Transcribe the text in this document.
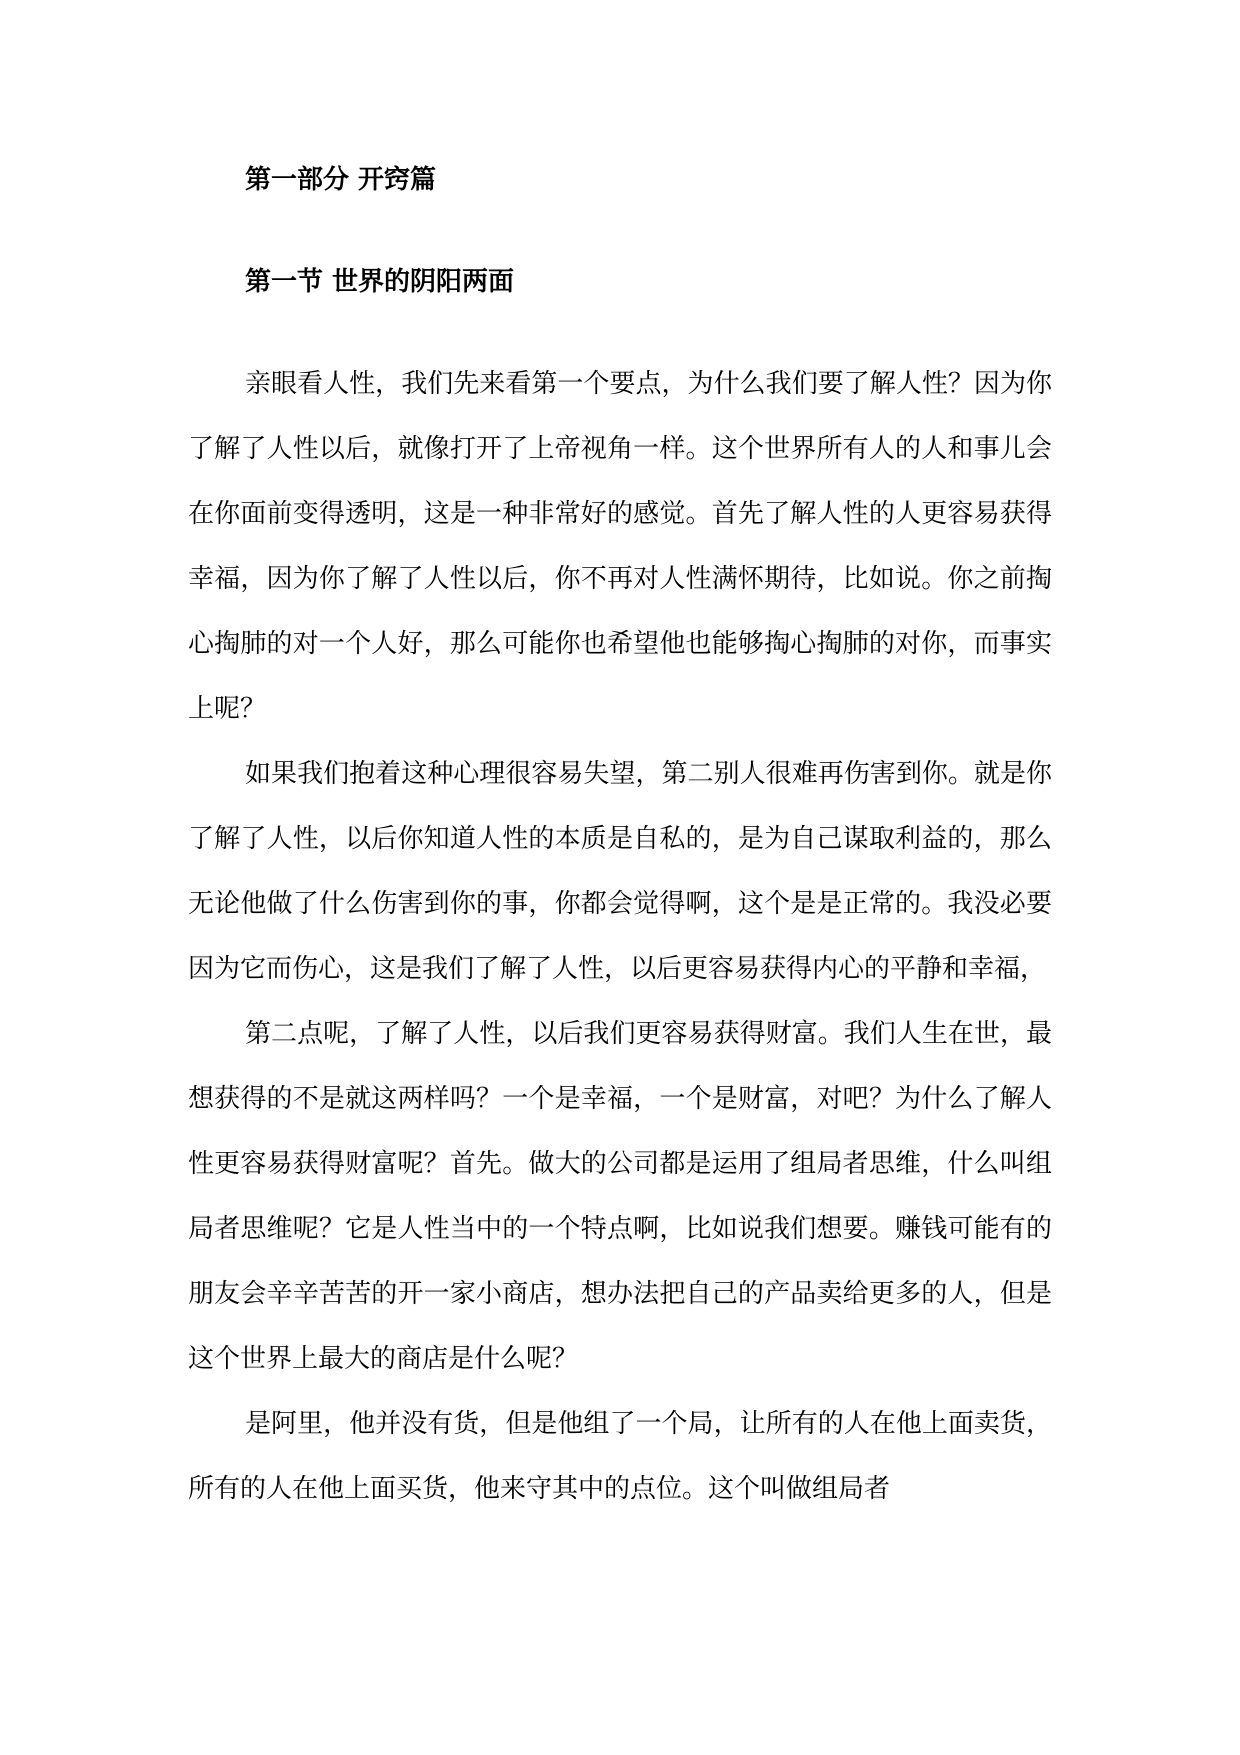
第一部分 开窍篇
第一节 世界的阴阳两面

亲眼看人性，我们先来看第一个要点，为什么我们要了解人性？因为你了解了人性以后，就像打开了上帝视角一样。这个世界所有人的人和事儿会在你面前变得透明，这是一种非常好的感觉。首先了解人性的人更容易获得幸福，因为你了解了人性以后，你不再对人性满怀期待，比如说。你之前掏心掏肺的对一个人好，那么可能你也希望他也能够掏心掏肺的对你，而事实上呢？

如果我们抱着这种心理很容易失望，第二别人很难再伤害到你。就是你了解了人性，以后你知道人性的本质是自私的，是为自己谋取利益的，那么无论他做了什么伤害到你的事，你都会觉得啊，这个是是正常的。我没必要因为它而伤心，这是我们了解了人性，以后更容易获得内心的平静和幸福，

第二点呢，了解了人性，以后我们更容易获得财富。我们人生在世，最想获得的不是就这两样吗？一个是幸福，一个是财富，对吧？为什么了解人性更容易获得财富呢？首先。做大的公司都是运用了组局者思维，什么叫组局者思维呢？它是人性当中的一个特点啊，比如说我们想要。赚钱可能有的朋友会辛辛苦苦的开一家小商店，想办法把自己的产品卖给更多的人，但是这个世界上最大的商店是什么呢？

是阿里，他并没有货，但是他组了一个局，让所有的人在他上面卖货，所有的人在他上面买货，他来守其中的点位。这个叫做组局者
